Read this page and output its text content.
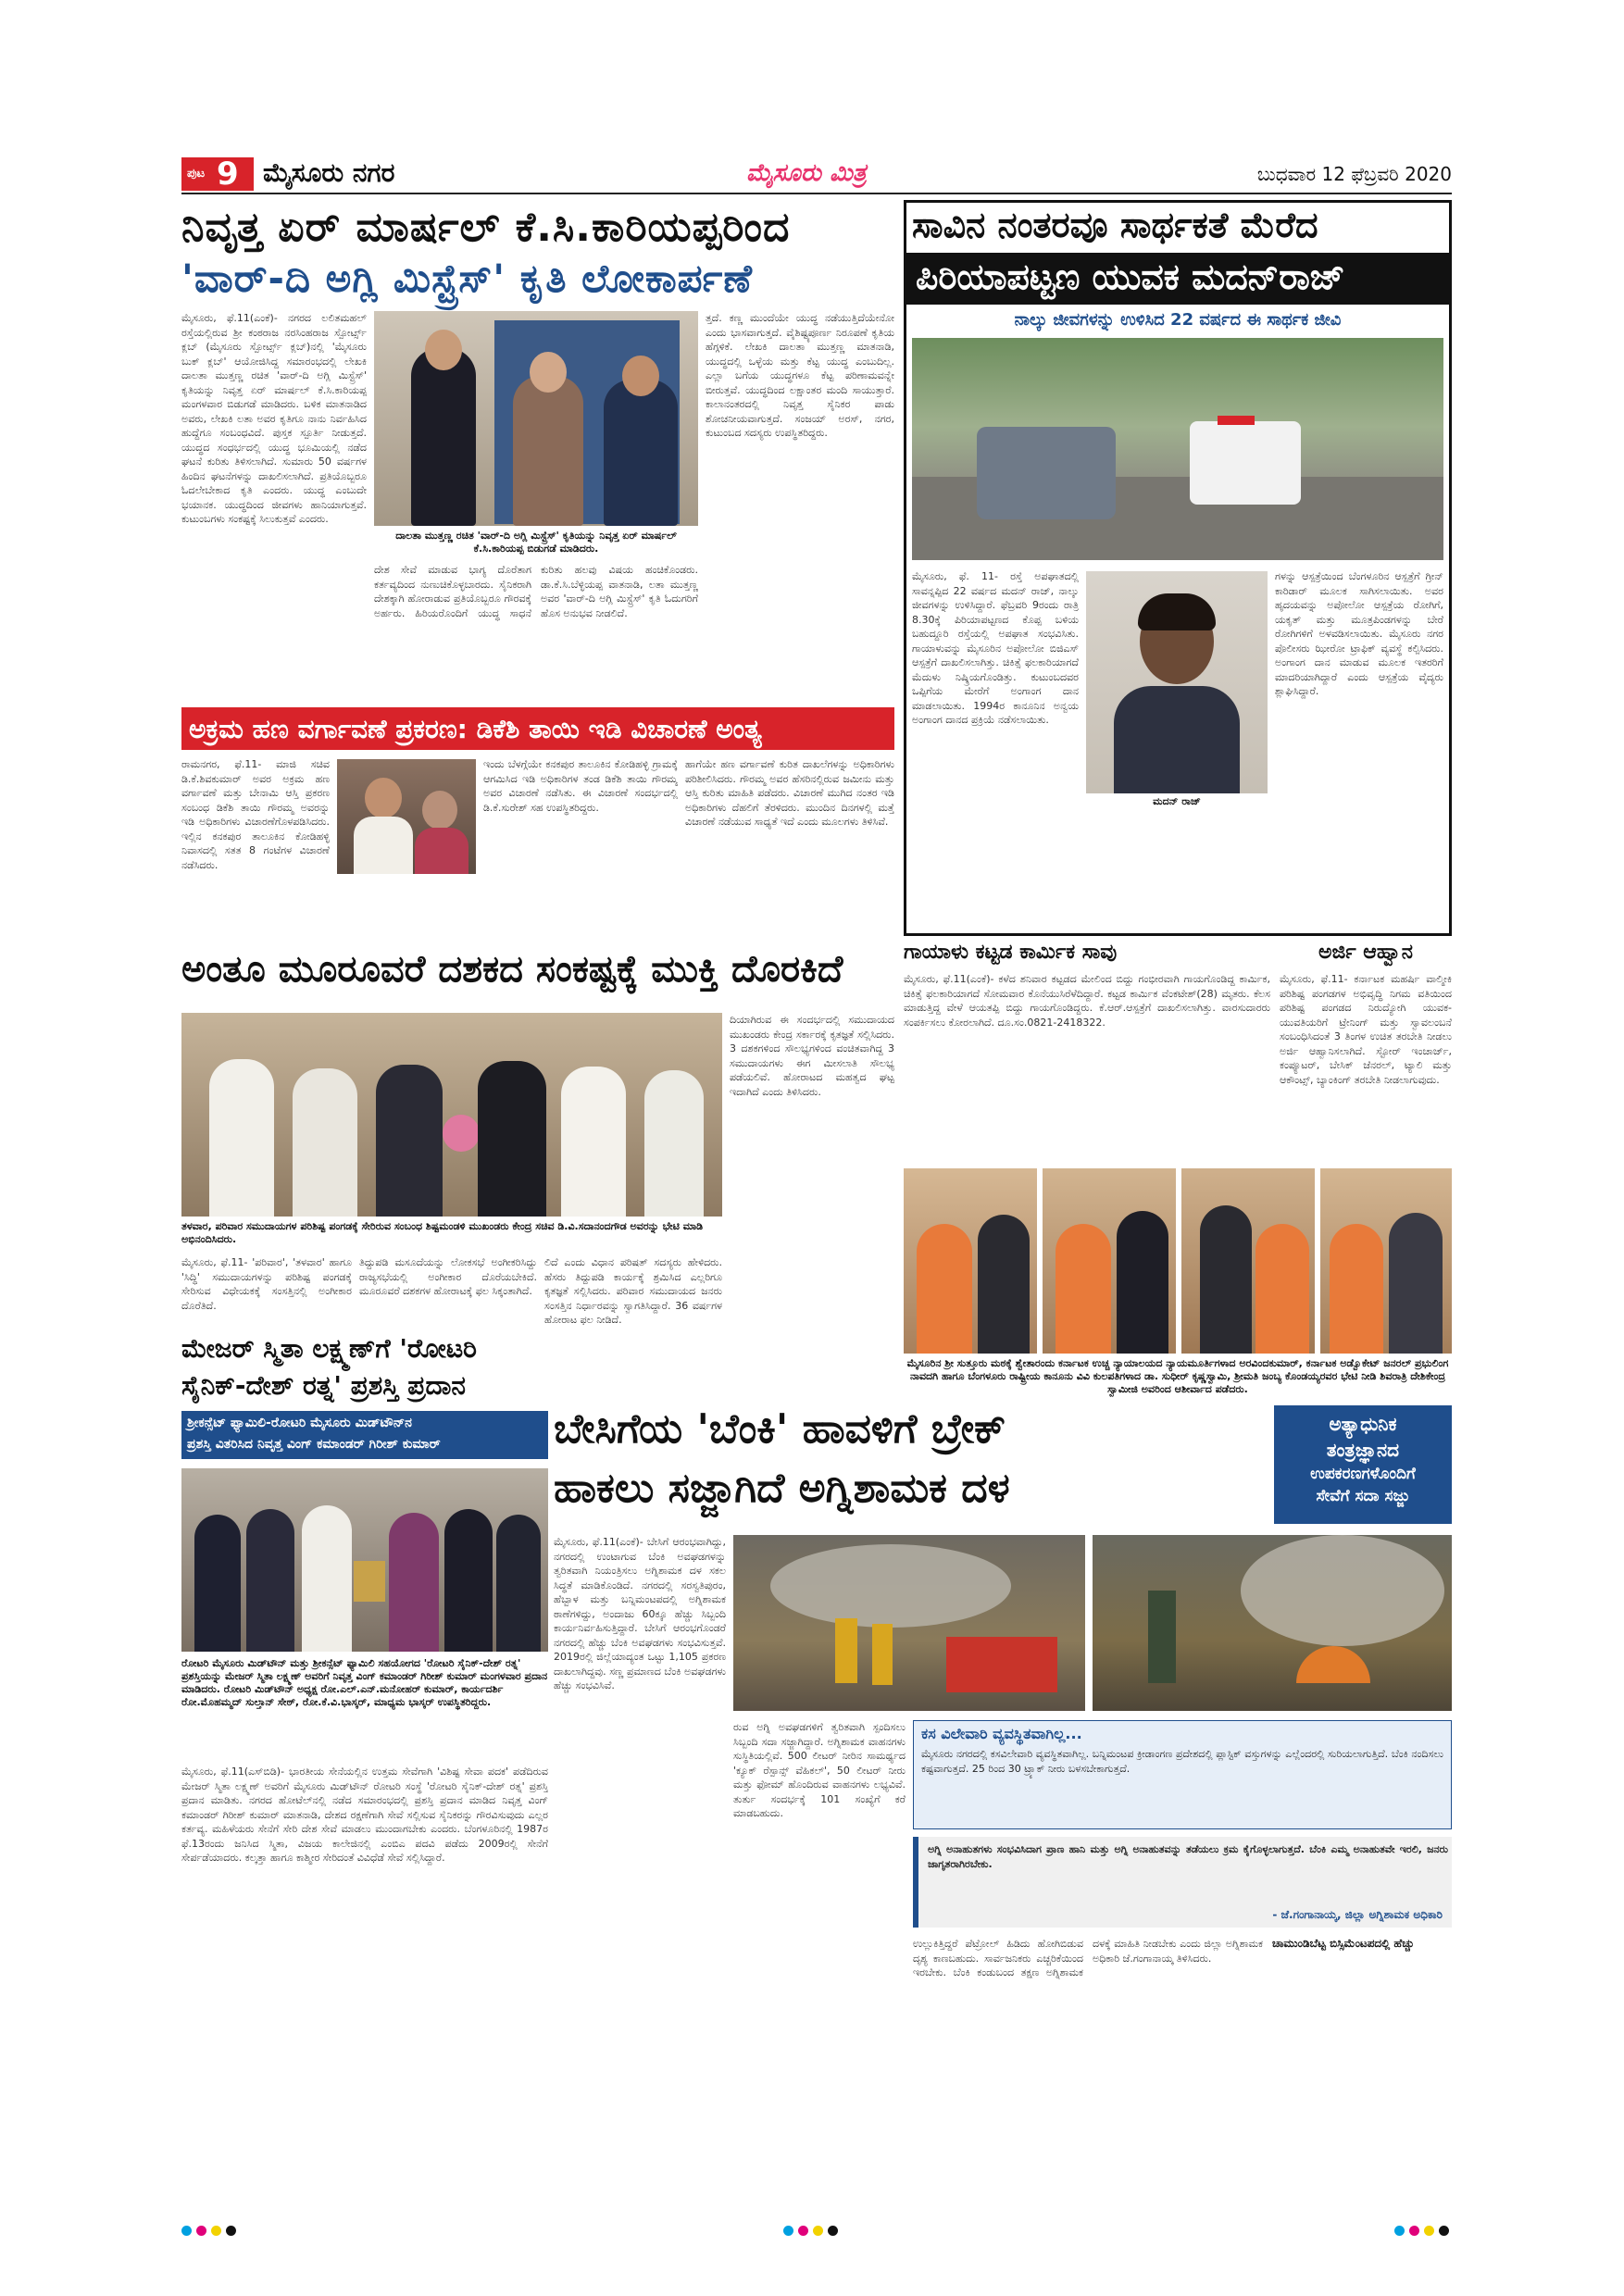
ಪುಟ 9 ಮೈಸೂರು ನಗರ	ಮೈಸೂರು ಮಿತ್ರ	ಬುಧವಾರ 12 ಫೆಬ್ರವರಿ 2020
ನಿವೃತ್ತ ಏರ್ ಮಾರ್ಷಲ್ ಕೆ.ಸಿ.ಕಾರಿಯಪ್ಪರಿಂದ
'ವಾರ್-ದಿ ಅಗ್ಲಿ ಮಿಸ್ಟ್ರೆಸ್' ಕೃತಿ ಲೋಕಾರ್ಪಣೆ
ಮೈಸೂರು, ಫೆ.11(ಎಂಕೆ)- ನಗರದ ಲಲಿತಮಹಲ್ ರಸ್ತೆಯಲ್ಲಿರುವ ಶ್ರೀ ಕಂಠರಾಜ ನರಸಿಂಹರಾಜ ಸ್ಪೋರ್ಟ್ಸ್ ಕ್ಲಬ್ (ಮೈಸೂರು ಸ್ಪೋರ್ಟ್ಸ್ ಕ್ಲಬ್)ನಲ್ಲಿ 'ಮೈಸೂರು ಬುಕ್ ಕ್ಲಬ್' ಆಯೋಜಿಸಿದ್ದ ಸಮಾರಂಭದಲ್ಲಿ ಲೇಖಕಿ ದಾಲತಾ ಮುತ್ತಣ್ಣ ರಚಿತ 'ವಾರ್-ದಿ ಅಗ್ಲಿ ಮಿಸ್ಟ್ರೆಸ್' ಕೃತಿಯನ್ನು ನಿವೃತ್ತ ಏರ್ ಮಾರ್ಷಲ್ ಕೆ.ಸಿ.ಕಾರಿಯಪ್ಪ ಮಂಗಳವಾರ ಬಿಡುಗಡೆ ಮಾಡಿದರು. ಬಳಿಕ ಮಾತನಾಡಿದ ಅವರು, ಲೇಖಕಿ ಲತಾ ಅವರ ಕೃತಿಗೂ ನಾನು ನಿರ್ವಹಿಸಿದ ಹುದ್ದೆಗೂ ಸಂಬಂಧವಿದೆ. ಪುಸ್ತಕ ಸ್ಪೂರ್ತಿ ನೀಡುತ್ತದೆ. ಯುದ್ಧದ ಸಂಧರ್ಭದಲ್ಲಿ ಯುದ್ಧ ಭೂಮಿಯಲ್ಲಿ ನಡೆದ ಘಟನೆ ಕುರಿತು ತಿಳಿಸಲಾಗಿದೆ. ಸುಮಾರು 50 ವರ್ಷಗಳ ಹಿಂದಿನ ಘಟನೆಗಳನ್ನು ದಾಖಲಿಸಲಾಗಿದೆ. ಪ್ರತಿಯೊಬ್ಬರೂ ಓದಲೇಬೇಕಾದ ಕೃತಿ ಎಂದರು. ಯುದ್ಧ ಎಂಬುದೇ ಭಯಾನಕ. ಯುದ್ಧದಿಂದ ಜೀವಗಳು ಹಾನಿಯಾಗುತ್ತವೆ. ಕುಟುಂಬಗಳು ಸಂಕಷ್ಟಕ್ಕೆ ಸಿಲುಕುತ್ತವೆ ಎಂದರು.
ದಾಲತಾ ಮುತ್ತಣ್ಣ ರಚಿತ 'ವಾರ್-ದಿ ಅಗ್ಲಿ ಮಿಸ್ಟ್ರೆಸ್' ಕೃತಿಯನ್ನು ನಿವೃತ್ತ ಏರ್ ಮಾರ್ಷಲ್ ಕೆ.ಸಿ.ಕಾರಿಯಪ್ಪ ಬಿಡುಗಡೆ ಮಾಡಿದರು.
ದೇಶ ಸೇವೆ ಮಾಡುವ ಭಾಗ್ಯ ದೊರೆತಾಗ ಕರ್ತವ್ಯದಿಂದ ನುಣುಚಿಕೊಳ್ಳಬಾರದು. ಸೈನಿಕರಾಗಿ ದೇಶಕ್ಕಾಗಿ ಹೋರಾಡುವ ಪ್ರತಿಯೊಬ್ಬರೂ ಗೌರವಕ್ಕೆ ಅರ್ಹರು. ಹಿರಿಯರೊಂದಿಗೆ ಯುದ್ಧ ಸಾಧನೆ ಕುರಿತು ಹಲವು ವಿಷಯ ಹಂಚಿಕೊಂಡರು. ಡಾ.ಕೆ.ಸಿ.ಬೆಳ್ಳಿಯಪ್ಪ ವಾತನಾಡಿ, ಲತಾ ಮುತ್ತಣ್ಣ ಅವರ 'ವಾರ್-ದಿ ಅಗ್ಲಿ ಮಿಸ್ಟ್ರೆಸ್' ಕೃತಿ ಓದುಗರಿಗೆ ಹೊಸ ಅನುಭವ ನೀಡಲಿದೆ.
ತ್ತದೆ. ಕಣ್ಣ ಮುಂದೆಯೇ ಯುದ್ಧ ನಡೆಯುತ್ತಿದೆಯೇನೋ ಎಂದು ಭಾಸವಾಗುತ್ತದೆ. ವೈಶಿಷ್ಟ್ಯಪೂರ್ಣ ನಿರೂಪಣೆ ಕೃತಿಯ ಹೆಗ್ಗಳಿಕೆ. ಲೇಖಕಿ ದಾಲತಾ ಮುತ್ತಣ್ಣ ಮಾತನಾಡಿ, ಯುದ್ಧದಲ್ಲಿ ಒಳ್ಳೆಯ ಮತ್ತು ಕೆಟ್ಟ ಯುದ್ಧ ಎಂಬುದಿಲ್ಲ. ಎಲ್ಲಾ ಬಗೆಯ ಯುದ್ಧಗಳೂ ಕೆಟ್ಟ ಪರಿಣಾಮವನ್ನೇ ಬೀರುತ್ತವೆ. ಯುದ್ಧದಿಂದ ಲಕ್ಷಾಂತರ ಮಂದಿ ಸಾಯುತ್ತಾರೆ. ಕಾಲಾನಂತರದಲ್ಲಿ ನಿವೃತ್ತ ಸೈನಿಕರ ಪಾಡು ಶೋಚನೀಯವಾಗುತ್ತದೆ. ಸಂಜಯ್ ಅರಸ್, ನಗರ, ಕುಟುಂಬದ ಸದಸ್ಯರು ಉಪಸ್ಥಿತರಿದ್ದರು.
ಸಾವಿನ ನಂತರವೂ ಸಾರ್ಥಕತೆ ಮೆರೆದ
ಪಿರಿಯಾಪಟ್ಟಣ ಯುವಕ ಮದನ್‌ರಾಜ್
ನಾಲ್ಕು ಜೀವಗಳನ್ನು ಉಳಿಸಿದ 22 ವರ್ಷದ ಈ ಸಾರ್ಥಕ ಜೀವಿ
ಮೈಸೂರು, ಫೆ. 11- ರಸ್ತೆ ಅಪಘಾತದಲ್ಲಿ ಸಾವನ್ನಪ್ಪಿದ 22 ವರ್ಷದ ಮದನ್ ರಾಜ್, ನಾಲ್ಕು ಜೀವಗಳನ್ನು ಉಳಿಸಿದ್ದಾರೆ. ಫೆಬ್ರವರಿ 9ರಂದು ರಾತ್ರಿ 8.30ಕ್ಕೆ ಪಿರಿಯಾಪಟ್ಟಣದ ಕೊಪ್ಪ ಬಳಿಯ ಬಹುದ್ದೂರಿ ರಸ್ತೆಯಲ್ಲಿ ಅಪಘಾತ ಸಂಭವಿಸಿತು. ಗಾಯಾಳುವನ್ನು ಮೈಸೂರಿನ ಅಪೋಲೋ ಬಿಜಿಎಸ್ ಆಸ್ಪತ್ರೆಗೆ ದಾಖಲಿಸಲಾಗಿತ್ತು. ಚಿಕಿತ್ಸೆ ಫಲಕಾರಿಯಾಗದೆ ಮೆದುಳು ನಿಷ್ಕ್ರಿಯಗೊಂಡಿತ್ತು. ಕುಟುಂಬದವರ ಒಪ್ಪಿಗೆಯ ಮೇರೆಗೆ ಅಂಗಾಂಗ ದಾನ ಮಾಡಲಾಯಿತು. 1994ರ ಕಾನೂನಿನ ಅನ್ವಯ ಅಂಗಾಂಗ ದಾನದ ಪ್ರಕ್ರಿಯೆ ನಡೆಸಲಾಯಿತು.
ಮದನ್ ರಾಜ್
ಗಳನ್ನು ಆಸ್ಪತ್ರೆಯಿಂದ ಬೆಂಗಳೂರಿನ ಆಸ್ಪತ್ರೆಗೆ ಗ್ರೀನ್ ಕಾರಿಡಾರ್ ಮೂಲಕ ಸಾಗಿಸಲಾಯಿತು. ಅವರ ಹೃದಯವನ್ನು ಅಪೋಲೋ ಆಸ್ಪತ್ರೆಯ ರೋಗಿಗೆ, ಯಕೃತ್ ಮತ್ತು ಮೂತ್ರಪಿಂಡಗಳನ್ನು ಬೇರೆ ರೋಗಿಗಳಿಗೆ ಅಳವಡಿಸಲಾಯಿತು. ಮೈಸೂರು ನಗರ ಪೊಲೀಸರು ಝೀರೋ ಟ್ರಾಫಿಕ್ ವ್ಯವಸ್ಥೆ ಕಲ್ಪಿಸಿದರು. ಅಂಗಾಂಗ ದಾನ ಮಾಡುವ ಮೂಲಕ ಇತರರಿಗೆ ಮಾದರಿಯಾಗಿದ್ದಾರೆ ಎಂದು ಆಸ್ಪತ್ರೆಯ ವೈದ್ಯರು ಶ್ಲಾಘಿಸಿದ್ದಾರೆ.
ಅಕ್ರಮ ಹಣ ವರ್ಗಾವಣೆ ಪ್ರಕರಣ: ಡಿಕೆಶಿ ತಾಯಿ ಇಡಿ ವಿಚಾರಣೆ ಅಂತ್ಯ
ರಾಮನಗರ, ಫೆ.11- ಮಾಜಿ ಸಚಿವ ಡಿ.ಕೆ.ಶಿವಕುಮಾರ್ ಅವರ ಅಕ್ರಮ ಹಣ ವರ್ಗಾವಣೆ ಮತ್ತು ಬೇನಾಮಿ ಆಸ್ತಿ ಪ್ರಕರಣ ಸಂಬಂಧ ಡಿಕೆಶಿ ತಾಯಿ ಗೌರಮ್ಮ ಅವರನ್ನು ಇಡಿ ಅಧಿಕಾರಿಗಳು ವಿಚಾರಣೆಗೊಳಪಡಿಸಿದರು. ಇಲ್ಲಿನ ಕನಕಪುರ ತಾಲೂಕಿನ ಕೋಡಿಹಳ್ಳಿ ನಿವಾಸದಲ್ಲಿ ಸತತ 8 ಗಂಟೆಗಳ ವಿಚಾರಣೆ ನಡೆಸಿದರು.
ಇಂದು ಬೆಳಗ್ಗೆಯೇ ಕನಕಪುರ ತಾಲೂಕಿನ ಕೋಡಿಹಳ್ಳಿ ಗ್ರಾಮಕ್ಕೆ ಆಗಮಿಸಿದ ಇಡಿ ಅಧಿಕಾರಿಗಳ ತಂಡ ಡಿಕೆಶಿ ತಾಯಿ ಗೌರಮ್ಮ ಅವರ ವಿಚಾರಣೆ ನಡೆಸಿತು. ಈ ವಿಚಾರಣೆ ಸಂದರ್ಭದಲ್ಲಿ ಡಿ.ಕೆ.ಸುರೇಶ್ ಸಹ ಉಪಸ್ಥಿತರಿದ್ದರು.
ಹಾಗೆಯೇ ಹಣ ವರ್ಗಾವಣೆ ಕುರಿತ ದಾಖಲೆಗಳನ್ನು ಅಧಿಕಾರಿಗಳು ಪರಿಶೀಲಿಸಿದರು. ಗೌರಮ್ಮ ಅವರ ಹೆಸರಿನಲ್ಲಿರುವ ಜಮೀನು ಮತ್ತು ಆಸ್ತಿ ಕುರಿತು ಮಾಹಿತಿ ಪಡೆದರು. ವಿಚಾರಣೆ ಮುಗಿದ ನಂತರ ಇಡಿ ಅಧಿಕಾರಿಗಳು ದೆಹಲಿಗೆ ತೆರಳಿದರು. ಮುಂದಿನ ದಿನಗಳಲ್ಲಿ ಮತ್ತೆ ವಿಚಾರಣೆ ನಡೆಯುವ ಸಾಧ್ಯತೆ ಇದೆ ಎಂದು ಮೂಲಗಳು ತಿಳಿಸಿವೆ.
ಅಂತೂ ಮೂರೂವರೆ ದಶಕದ ಸಂಕಷ್ಟಕ್ಕೆ ಮುಕ್ತಿ ದೊರಕಿದೆ
ತಳವಾರ, ಪರಿವಾರ ಸಮುದಾಯಗಳ ಪರಿಶಿಷ್ಟ ಪಂಗಡಕ್ಕೆ ಸೇರಿರುವ ಸಂಬಂಧ ಶಿಷ್ಟಮಂಡಳಿ ಮುಖಂಡರು ಕೇಂದ್ರ ಸಚಿವ ಡಿ.ವಿ.ಸದಾನಂದಗೌಡ ಅವರನ್ನು ಭೇಟಿ ಮಾಡಿ ಅಭಿನಂದಿಸಿದರು.
ಮೈಸೂರು, ಫೆ.11- 'ಪರಿವಾರ', 'ತಳವಾರ' ಹಾಗೂ 'ಸಿದ್ಧಿ' ಸಮುದಾಯಗಳನ್ನು ಪರಿಶಿಷ್ಟ ಪಂಗಡಕ್ಕೆ ಸೇರಿಸುವ ವಿಧೇಯಕಕ್ಕೆ ಸಂಸತ್ತಿನಲ್ಲಿ ಅಂಗೀಕಾರ ದೊರೆತಿದೆ.
ತಿದ್ದುಪಡಿ ಮಸೂದೆಯನ್ನು ಲೋಕಸಭೆ ಅಂಗೀಕರಿಸಿದ್ದು ರಾಜ್ಯಸಭೆಯಲ್ಲಿ ಅಂಗೀಕಾರ ದೊರೆಯಬೇಕಿದೆ. ಮೂರೂವರೆ ದಶಕಗಳ ಹೋರಾಟಕ್ಕೆ ಫಲ ಸಿಕ್ಕಂತಾಗಿದೆ.
ಲಿದೆ ಎಂದು ವಿಧಾನ ಪರಿಷತ್ ಸದಸ್ಯರು ಹೇಳಿದರು. ಹೆಸರು ತಿದ್ದುಪಡಿ ಕಾರ್ಯಕ್ಕೆ ಶ್ರಮಿಸಿದ ಎಲ್ಲರಿಗೂ ಕೃತಜ್ಞತೆ ಸಲ್ಲಿಸಿದರು. ಪರಿವಾರ ಸಮುದಾಯದ ಜನರು ಸಂಸತ್ತಿನ ನಿರ್ಧಾರವನ್ನು ಸ್ವಾಗತಿಸಿದ್ದಾರೆ. 36 ವರ್ಷಗಳ ಹೋರಾಟ ಫಲ ನೀಡಿದೆ.
ದಿಯಾಗಿರುವ ಈ ಸಂದರ್ಭದಲ್ಲಿ ಸಮುದಾಯದ ಮುಖಂಡರು ಕೇಂದ್ರ ಸರ್ಕಾರಕ್ಕೆ ಕೃತಜ್ಞತೆ ಸಲ್ಲಿಸಿದರು. 3 ದಶಕಗಳಿಂದ ಸೌಲಭ್ಯಗಳಿಂದ ವಂಚಿತವಾಗಿದ್ದ 3 ಸಮುದಾಯಗಳು ಈಗ ಮೀಸಲಾತಿ ಸೌಲಭ್ಯ ಪಡೆಯಲಿವೆ. ಹೋರಾಟದ ಮಹತ್ವದ ಘಟ್ಟ ಇದಾಗಿದೆ ಎಂದು ತಿಳಿಸಿದರು.
ಗಾಯಾಳು ಕಟ್ಟಡ ಕಾರ್ಮಿಕ ಸಾವು
ಮೈಸೂರು, ಫೆ.11(ಎಂಕೆ)- ಕಳೆದ ಶನಿವಾರ ಕಟ್ಟಡದ ಮೇಲಿಂದ ಬಿದ್ದು ಗಂಭೀರವಾಗಿ ಗಾಯಗೊಂಡಿದ್ದ ಕಾರ್ಮಿಕ, ಚಿಕಿತ್ಸೆ ಫಲಕಾರಿಯಾಗದೆ ಸೋಮವಾರ ಕೊನೆಯುಸಿರೆಳೆದಿದ್ದಾರೆ. ಕಟ್ಟಡ ಕಾರ್ಮಿಕ ವೆಂಕಟೇಶ್(28) ಮೃತರು. ಕೆಲಸ ಮಾಡುತ್ತಿದ್ದ ವೇಳೆ ಆಯತಪ್ಪಿ ಬಿದ್ದು ಗಾಯಗೊಂಡಿದ್ದರು. ಕೆ.ಆರ್.ಆಸ್ಪತ್ರೆಗೆ ದಾಖಲಿಸಲಾಗಿತ್ತು. ವಾರಸುದಾರರು ಸಂಪರ್ಕಿಸಲು ಕೋರಲಾಗಿದೆ. ದೂ.ಸಂ.0821-2418322.
ಅರ್ಜಿ ಆಹ್ವಾನ
ಮೈಸೂರು, ಫೆ.11- ಕರ್ನಾಟಕ ಮಹರ್ಷಿ ವಾಲ್ಮೀಕಿ ಪರಿಶಿಷ್ಟ ಪಂಗಡಗಳ ಅಭಿವೃದ್ಧಿ ನಿಗಮ ವತಿಯಿಂದ ಪರಿಶಿಷ್ಟ ಪಂಗಡದ ನಿರುದ್ಯೋಗಿ ಯುವಕ-ಯುವತಿಯರಿಗೆ ಟ್ರೇನಿಂಗ್ ಮತ್ತು ಸ್ವಾವಲಂಬನೆ ಸಂಬಂಧಿಸಿದಂತೆ 3 ತಿಂಗಳ ಉಚಿತ ತರಬೇತಿ ನೀಡಲು ಅರ್ಜಿ ಆಹ್ವಾನಿಸಲಾಗಿದೆ. ಸ್ಟೋರ್ ಇಂಚಾರ್ಜ್, ಕಂಪ್ಯೂಟರ್, ಬೇಸಿಕ್ ಜೆನರಲ್, ಟ್ಯಾಲಿ ಮತ್ತು ಆಕೌಂಟ್ಸ್, ಬ್ಯಾಂಕಿಂಗ್ ತರಬೇತಿ ನೀಡಲಾಗುವುದು.
ಮೈಸೂರಿನ ಶ್ರೀ ಸುತ್ತೂರು ಮಠಕ್ಕೆ ಶ್ವೇತಾರಂದು ಕರ್ನಾಟಕ ಉಚ್ಚ ನ್ಯಾಯಾಲಯದ ನ್ಯಾಯಮೂರ್ತಿಗಳಾದ ಅರವಿಂದಕುಮಾರ್, ಕರ್ನಾಟಕ ಅಡ್ವೊಕೇಟ್ ಜನರಲ್ ಪ್ರಭುಲಿಂಗ ನಾವದಗಿ ಹಾಗೂ ಬೆಂಗಳೂರು ರಾಷ್ಟ್ರೀಯ ಕಾನೂನು ವಿವಿ ಕುಲಪತಿಗಳಾದ ಡಾ. ಸುಧೀರ್ ಕೃಷ್ಣಸ್ವಾಮಿ, ಶ್ರೀಮತಿ ಜಂಬ್ಯ ಕೊಂಡಯ್ಯರವರ ಭೇಟಿ ನೀಡಿ ಶಿವರಾತ್ರಿ ದೇಶಿಕೇಂದ್ರ ಸ್ವಾಮೀಜಿ ಅವರಿಂದ ಆಶೀರ್ವಾದ ಪಡೆದರು.
ಮೇಜರ್ ಸ್ಮಿತಾ ಲಕ್ಷ್ಮಣ್‌ಗೆ 'ರೋಟರಿ
ಸೈನಿಕ್-ದೇಶ್ ರತ್ನ' ಪ್ರಶಸ್ತಿ ಪ್ರದಾನ
ಶ್ರೀಕನ್ಸೆಟ್ ಫ್ಯಾಮಿಲಿ-ರೋಟರಿ ಮೈಸೂರು ಮಿಡ್‌ಟೌನ್‌ನ
ಪ್ರಶಸ್ತಿ ವಿತರಿಸಿದ ನಿವೃತ್ತ ವಿಂಗ್ ಕಮಾಂಡರ್ ಗಿರೀಶ್ ಕುಮಾರ್
ರೋಟರಿ ಮೈಸೂರು ಮಿಡ್‌ಟೌನ್ ಮತ್ತು ಶ್ರೀಕನ್ಸೆಟ್ ಫ್ಯಾಮಿಲಿ ಸಹಯೋಗದ 'ರೋಟರಿ ಸೈನಿಕ್-ದೇಶ್ ರತ್ನ' ಪ್ರಶಸ್ತಿಯನ್ನು ಮೇಜರ್ ಸ್ಮಿತಾ ಲಕ್ಷ್ಮಣ್ ಅವರಿಗೆ ನಿವೃತ್ತ ವಿಂಗ್ ಕಮಾಂಡರ್ ಗಿರೀಶ್ ಕುಮಾರ್ ಮಂಗಳವಾರ ಪ್ರದಾನ ಮಾಡಿದರು. ರೋಟರಿ ಮಿಡ್‌ಟೌನ್ ಅಧ್ಯಕ್ಷ ರೋ.ಎಲ್.ಎನ್.ಮನೋಹರ್ ಕುಮಾರ್, ಕಾರ್ಯದರ್ಶಿ ರೋ.ಮೊಹಮ್ಮದ್ ಸುಲ್ತಾನ್ ಸೇಠ್, ರೋ.ಕೆ.ವಿ.ಭಾಸ್ಕರ್, ಮಾಧ್ಯಮ ಭಾಸ್ಕರ್ ಉಪಸ್ಥಿತರಿದ್ದರು.
ಮೈಸೂರು, ಫೆ.11(ಎಸ್‌ಬಿಡಿ)- ಭಾರತೀಯ ಸೇನೆಯಲ್ಲಿನ ಉತ್ತಮ ಸೇವೆಗಾಗಿ 'ವಿಶಿಷ್ಟ ಸೇವಾ ಪದಕ' ಪಡೆದಿರುವ ಮೇಜರ್ ಸ್ಮಿತಾ ಲಕ್ಷ್ಮಣ್ ಅವರಿಗೆ ಮೈಸೂರು ಮಿಡ್‌ಟೌನ್ ರೋಟರಿ ಸಂಸ್ಥೆ 'ರೋಟರಿ ಸೈನಿಕ್-ದೇಶ್ ರತ್ನ' ಪ್ರಶಸ್ತಿ ಪ್ರದಾನ ಮಾಡಿತು. ನಗರದ ಹೋಟೆಲ್‌ನಲ್ಲಿ ನಡೆದ ಸಮಾರಂಭದಲ್ಲಿ ಪ್ರಶಸ್ತಿ ಪ್ರದಾನ ಮಾಡಿದ ನಿವೃತ್ತ ವಿಂಗ್ ಕಮಾಂಡರ್ ಗಿರೀಶ್ ಕುಮಾರ್ ಮಾತನಾಡಿ, ದೇಶದ ರಕ್ಷಣೆಗಾಗಿ ಸೇವೆ ಸಲ್ಲಿಸುವ ಸೈನಿಕರನ್ನು ಗೌರವಿಸುವುದು ಎಲ್ಲರ ಕರ್ತವ್ಯ. ಮಹಿಳೆಯರು ಸೇನೆಗೆ ಸೇರಿ ದೇಶ ಸೇವೆ ಮಾಡಲು ಮುಂದಾಗಬೇಕು ಎಂದರು. ಬೆಂಗಳೂರಿನಲ್ಲಿ 1987ರ ಫೆ.13ರಂದು ಜನಿಸಿದ ಸ್ಮಿತಾ, ವಿಜಯ ಕಾಲೇಜಿನಲ್ಲಿ ಎಂಬಿಎ ಪದವಿ ಪಡೆದು 2009ರಲ್ಲಿ ಸೇನೆಗೆ ಸೇರ್ಪಡೆಯಾದರು. ಕಲ್ಕತ್ತಾ ಹಾಗೂ ಕಾಶ್ಮೀರ ಸೇರಿದಂತೆ ವಿವಿಧೆಡೆ ಸೇವೆ ಸಲ್ಲಿಸಿದ್ದಾರೆ.
ಬೇಸಿಗೆಯ 'ಬೆಂಕಿ' ಹಾವಳಿಗೆ ಬ್ರೇಕ್
ಹಾಕಲು ಸಜ್ಜಾಗಿದೆ ಅಗ್ನಿಶಾಮಕ ದಳ
ಅತ್ಯಾಧುನಿಕ
ತಂತ್ರಜ್ಞಾನದ
ಉಪಕರಣಗಳೊಂದಿಗೆ
ಸೇವೆಗೆ ಸದಾ ಸಜ್ಜು
ಮೈಸೂರು, ಫೆ.11(ಎಂಕೆ)- ಬೇಸಿಗೆ ಆರಂಭವಾಗಿದ್ದು, ನಗರದಲ್ಲಿ ಉಂಟಾಗುವ ಬೆಂಕಿ ಅವಘಡಗಳನ್ನು ತ್ವರಿತವಾಗಿ ನಿಯಂತ್ರಿಸಲು ಅಗ್ನಿಶಾಮಕ ದಳ ಸಕಲ ಸಿದ್ಧತೆ ಮಾಡಿಕೊಂಡಿದೆ. ನಗರದಲ್ಲಿ ಸರಸ್ವತಿಪುರಂ, ಹೆಬ್ಬಾಳ ಮತ್ತು ಬನ್ನಿಮಂಟಪದಲ್ಲಿ ಅಗ್ನಿಶಾಮಕ ಠಾಣೆಗಳಿದ್ದು, ಅಂದಾಜು 60ಕ್ಕೂ ಹೆಚ್ಚು ಸಿಬ್ಬಂದಿ ಕಾರ್ಯನಿರ್ವಹಿಸುತ್ತಿದ್ದಾರೆ. ಬೇಸಿಗೆ ಆರಂಭಗೊಂಡರೆ ನಗರದಲ್ಲಿ ಹೆಚ್ಚು ಬೆಂಕಿ ಅವಘಡಗಳು ಸಂಭವಿಸುತ್ತವೆ. 2019ರಲ್ಲಿ ಜಿಲ್ಲೆಯಾದ್ಯಂತ ಒಟ್ಟು 1,105 ಪ್ರಕರಣ ದಾಖಲಾಗಿದ್ದವು. ಸಣ್ಣ ಪ್ರಮಾಣದ ಬೆಂಕಿ ಅವಘಡಗಳು ಹೆಚ್ಚು ಸಂಭವಿಸಿವೆ.
ರುವ ಅಗ್ನಿ ಅವಘಡಗಳಿಗೆ ತ್ವರಿತವಾಗಿ ಸ್ಪಂದಿಸಲು ಸಿಬ್ಬಂದಿ ಸದಾ ಸಜ್ಜಾಗಿದ್ದಾರೆ. ಅಗ್ನಿಶಾಮಕ ವಾಹನಗಳು ಸುಸ್ಥಿತಿಯಲ್ಲಿವೆ. 500 ಲೀಟರ್ ನೀರಿನ ಸಾಮರ್ಥ್ಯದ 'ಕ್ಯೂಕ್ ರೆಸ್ಪಾನ್ಸ್ ವೆಹಿಕಲ್', 50 ಲೀಟರ್ ನೀರು ಮತ್ತು ಫೋಮ್ ಹೊಂದಿರುವ ವಾಹನಗಳು ಲಭ್ಯವಿವೆ. ತುರ್ತು ಸಂದರ್ಭಕ್ಕೆ 101 ಸಂಖ್ಯೆಗೆ ಕರೆ ಮಾಡಬಹುದು.
ಕಸ ವಿಲೇವಾರಿ ವ್ಯವಸ್ಥಿತವಾಗಿಲ್ಲ...
ಮೈಸೂರು ನಗರದಲ್ಲಿ ಕಸವಿಲೇವಾರಿ ವ್ಯವಸ್ಥಿತವಾಗಿಲ್ಲ. ಬನ್ನಿಮಂಟಪ ಕ್ರೀಡಾಂಗಣ ಪ್ರದೇಶದಲ್ಲಿ ಪ್ಲಾಸ್ಟಿಕ್ ವಸ್ತುಗಳನ್ನು ಎಲ್ಲೆಂದರಲ್ಲಿ ಸುರಿಯಲಾಗುತ್ತಿದೆ. ಬೆಂಕಿ ನಂದಿಸಲು ಕಷ್ಟವಾಗುತ್ತದೆ. 25 ರಿಂದ 30 ಟ್ರ್ಯಾಕ್ ನೀರು ಬಳಸಬೇಕಾಗುತ್ತದೆ.
ಅಗ್ನಿ ಅನಾಹುತಗಳು ಸಂಭವಿಸಿದಾಗ ಪ್ರಾಣ ಹಾನಿ ಮತ್ತು ಅಗ್ನಿ ಅನಾಹುತವನ್ನು ತಡೆಯಲು ಕ್ರಮ ಕೈಗೊಳ್ಳಲಾಗುತ್ತದೆ. ಬೆಂಕಿ ಎಮ್ಮ ಅನಾಹುತವೇ ಇರಲಿ, ಜನರು ಜಾಗೃತರಾಗಿರಬೇಕು.
- ಜೆ.ಗಂಗಾನಾಯ್ಕ, ಜಿಲ್ಲಾ ಅಗ್ನಿಶಾಮಕ ಅಧಿಕಾರಿ
ಉಲ್ಲುಕಿತ್ತಿದ್ದರೆ ಪೆಟ್ರೋಲ್ ಹಿಡಿದು ಹೋಗಿಬಿಡುವ ದೃಶ್ಯ ಕಾಣಬಹುದು. ಸಾರ್ವಜನಿಕರು ಎಚ್ಚರಿಕೆಯಿಂದ ಇರಬೇಕು. ಬೆಂಕಿ ಕಂಡುಬಂದ ತಕ್ಷಣ ಅಗ್ನಿಶಾಮಕ ದಳಕ್ಕೆ ಮಾಹಿತಿ ನೀಡಬೇಕು ಎಂದು ಜಿಲ್ಲಾ ಅಗ್ನಿಶಾಮಕ ಅಧಿಕಾರಿ ಜೆ.ಗಂಗಾನಾಯ್ಕ ತಿಳಿಸಿದರು.
ಚಾಮುಂಡಿಬೆಟ್ಟ ಬಿಸ್ಸಿಮೆಂಟಪದಲ್ಲಿ ಹೆಚ್ಚು
